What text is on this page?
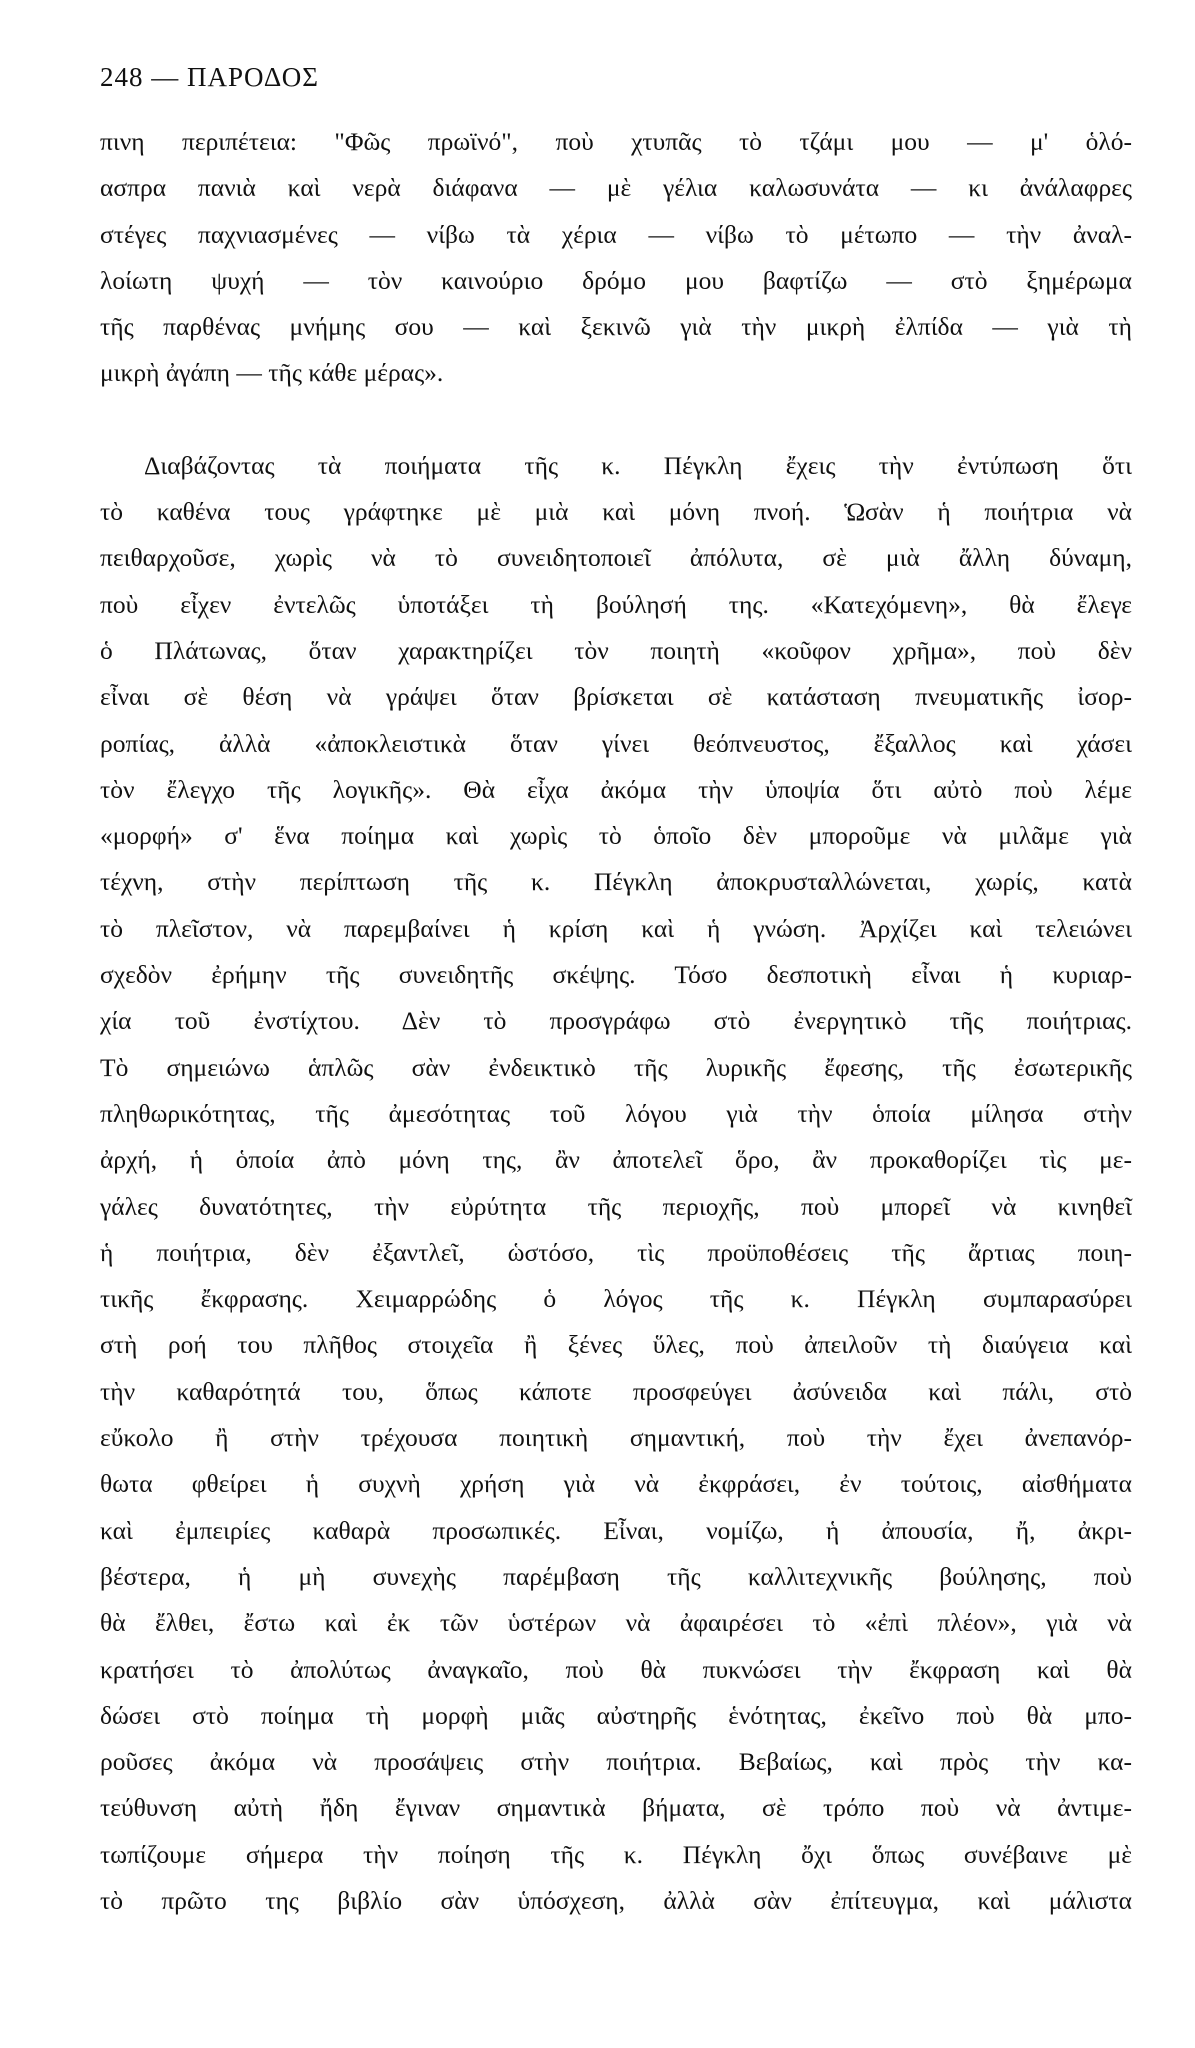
248 — ΠΑΡΟΔΟΣ
πινη περιπέτεια: "Φῶς πρωϊνό", ποὺ χτυπᾶς τὸ τζάμι μου — μ' ὁλό-
ασπρα πανιὰ καὶ νερὰ διάφανα — μὲ γέλια καλωσυνάτα — κι ἀνάλαφρες
στέγες παχνιασμένες — νίβω τὰ χέρια — νίβω τὸ μέτωπο — τὴν ἀναλ-
λοίωτη ψυχή — τὸν καινούριο δρόμο μου βαφτίζω — στὸ ξημέρωμα
τῆς παρθένας μνήμης σου — καὶ ξεκινῶ γιὰ τὴν μικρὴ ἐλπίδα — γιὰ τὴ
μικρὴ ἀγάπη — τῆς κάθε μέρας».
Διαβάζοντας τὰ ποιήματα τῆς κ. Πέγκλη ἔχεις τὴν ἐντύπωση ὅτι
τὸ καθένα τους γράφτηκε μὲ μιὰ καὶ μόνη πνοή. Ὡσὰν ἡ ποιήτρια νὰ
πειθαρχοῦσε, χωρὶς νὰ τὸ συνειδητοποιεῖ ἀπόλυτα, σὲ μιὰ ἄλλη δύναμη,
ποὺ εἶχεν ἐντελῶς ὑποτάξει τὴ βούλησή της. «Κατεχόμενη», θὰ ἔλεγε
ὁ Πλάτωνας, ὅταν χαρακτηρίζει τὸν ποιητὴ «κοῦφον χρῆμα», ποὺ δὲν
εἶναι σὲ θέση νὰ γράψει ὅταν βρίσκεται σὲ κατάσταση πνευματικῆς ἰσορ-
ροπίας, ἀλλὰ «ἀποκλειστικὰ ὅταν γίνει θεόπνευστος, ἔξαλλος καὶ χάσει
τὸν ἔλεγχο τῆς λογικῆς». Θὰ εἶχα ἀκόμα τὴν ὑποψία ὅτι αὐτὸ ποὺ λέμε
«μορφή» σ' ἕνα ποίημα καὶ χωρὶς τὸ ὁποῖο δὲν μποροῦμε νὰ μιλᾶμε γιὰ
τέχνη, στὴν περίπτωση τῆς κ. Πέγκλη ἀποκρυσταλλώνεται, χωρίς, κατὰ
τὸ πλεῖστον, νὰ παρεμβαίνει ἡ κρίση καὶ ἡ γνώση. Ἀρχίζει καὶ τελειώνει
σχεδὸν ἐρήμην τῆς συνειδητῆς σκέψης. Τόσο δεσποτικὴ εἶναι ἡ κυριαρ-
χία τοῦ ἐνστίχτου. Δὲν τὸ προσγράφω στὸ ἐνεργητικὸ τῆς ποιήτριας.
Τὸ σημειώνω ἁπλῶς σὰν ἐνδεικτικὸ τῆς λυρικῆς ἔφεσης, τῆς ἐσωτερικῆς
πληθωρικότητας, τῆς ἀμεσότητας τοῦ λόγου γιὰ τὴν ὁποία μίλησα στὴν
ἀρχή, ἡ ὁποία ἀπὸ μόνη της, ἂν ἀποτελεῖ ὅρο, ἂν προκαθορίζει τὶς με-
γάλες δυνατότητες, τὴν εὐρύτητα τῆς περιοχῆς, ποὺ μπορεῖ νὰ κινηθεῖ
ἡ ποιήτρια, δὲν ἐξαντλεῖ, ὡστόσο, τὶς προϋποθέσεις τῆς ἄρτιας ποιη-
τικῆς ἔκφρασης. Χειμαρρώδης ὁ λόγος τῆς κ. Πέγκλη συμπαρασύρει
στὴ ροή του πλῆθος στοιχεῖα ἢ ξένες ὕλες, ποὺ ἀπειλοῦν τὴ διαύγεια καὶ
τὴν καθαρότητά του, ὅπως κάποτε προσφεύγει ἀσύνειδα καὶ πάλι, στὸ
εὔκολο ἢ στὴν τρέχουσα ποιητικὴ σημαντική, ποὺ τὴν ἔχει ἀνεπανόρ-
θωτα φθείρει ἡ συχνὴ χρήση γιὰ νὰ ἐκφράσει, ἐν τούτοις, αἰσθήματα
καὶ ἐμπειρίες καθαρὰ προσωπικές. Εἶναι, νομίζω, ἡ ἀπουσία, ἤ, ἀκρι-
βέστερα, ἡ μὴ συνεχὴς παρέμβαση τῆς καλλιτεχνικῆς βούλησης, ποὺ
θὰ ἔλθει, ἔστω καὶ ἐκ τῶν ὑστέρων νὰ ἀφαιρέσει τὸ «ἐπὶ πλέον», γιὰ νὰ
κρατήσει τὸ ἀπολύτως ἀναγκαῖο, ποὺ θὰ πυκνώσει τὴν ἔκφραση καὶ θὰ
δώσει στὸ ποίημα τὴ μορφὴ μιᾶς αὐστηρῆς ἑνότητας, ἐκεῖνο ποὺ θὰ μπο-
ροῦσες ἀκόμα νὰ προσάψεις στὴν ποιήτρια. Βεβαίως, καὶ πρὸς τὴν κα-
τεύθυνση αὐτὴ ἤδη ἔγιναν σημαντικὰ βήματα, σὲ τρόπο ποὺ νὰ ἀντιμε-
τωπίζουμε σήμερα τὴν ποίηση τῆς κ. Πέγκλη ὄχι ὅπως συνέβαινε μὲ
τὸ πρῶτο της βιβλίο σὰν ὑπόσχεση, ἀλλὰ σὰν ἐπίτευγμα, καὶ μάλιστα
